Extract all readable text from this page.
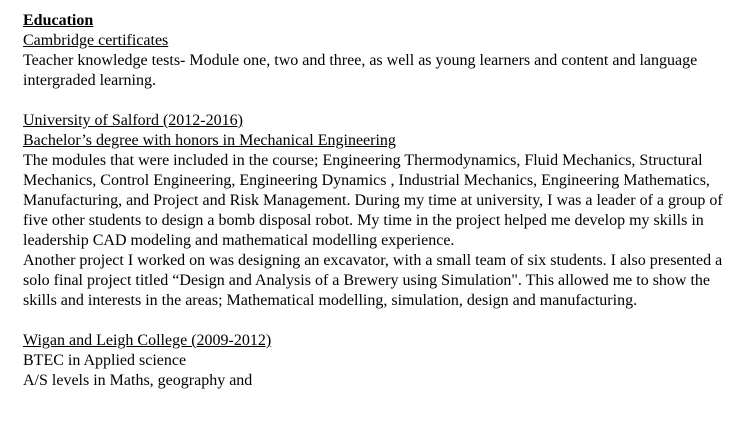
Education

Cambridge certificates

Teacher knowledge tests- Module one, two and three, as well as young learners and content and language intergraded learning.

University of Salford (2012-2016)

Bachelor’s degree with honors in Mechanical Engineering

The modules that were included in the course; Engineering Thermodynamics, Fluid Mechanics, Structural Mechanics, Control Engineering, Engineering Dynamics , Industrial Mechanics, Engineering Mathematics, Manufacturing, and Project and Risk Management. During my time at university, I was a leader of a group of five other students to design a bomb disposal robot. My time in the project helped me develop my skills in leadership CAD modeling and mathematical modelling experience.

Another project I worked on was designing an excavator, with a small team of six students. I also presented a solo final project titled “Design and Analysis of a Brewery using Simulation". This allowed me to show the skills and interests in the areas; Mathematical modelling, simulation, design and manufacturing.

Wigan and Leigh College (2009-2012)

BTEC in Applied science

A/S levels in Maths, geography and
